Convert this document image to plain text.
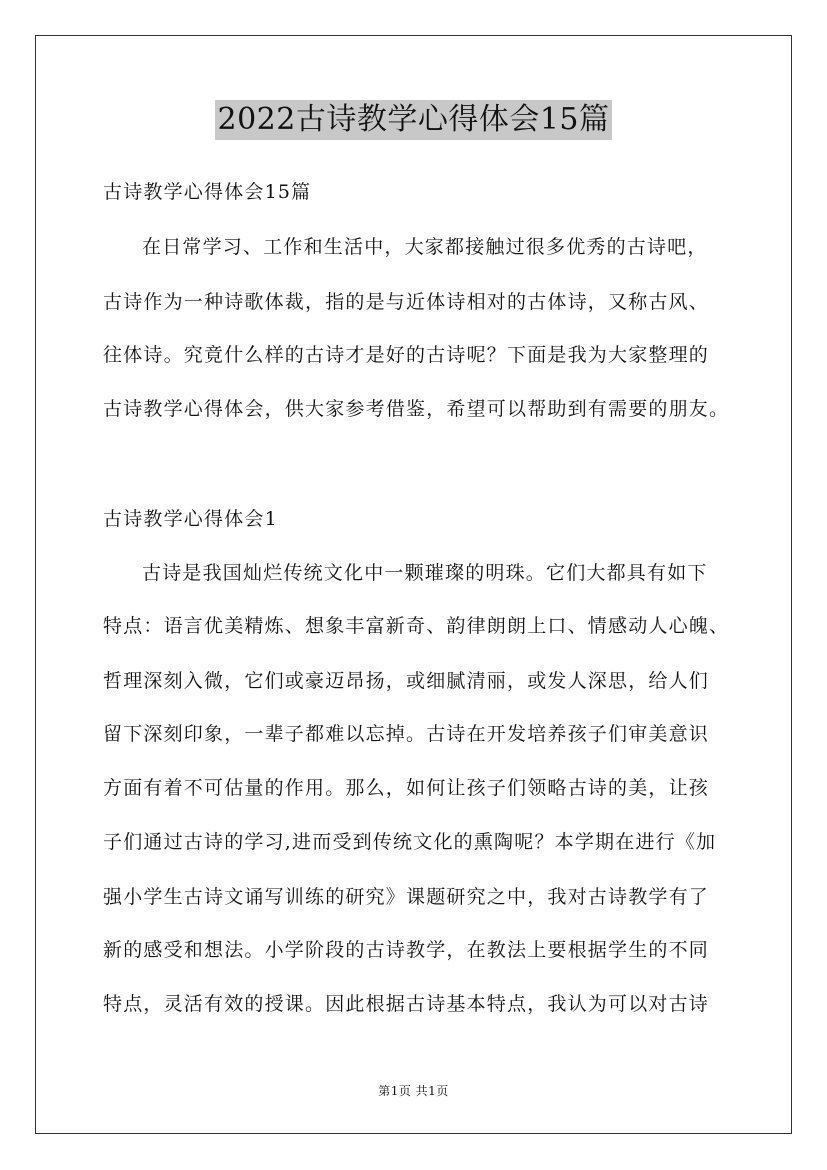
2022古诗教学心得体会15篇
古诗教学心得体会15篇
在日常学习、工作和生活中，大家都接触过很多优秀的古诗吧，
古诗作为一种诗歌体裁，指的是与近体诗相对的古体诗，又称古风、
往体诗。究竟什么样的古诗才是好的古诗呢？下面是我为大家整理的
古诗教学心得体会，供大家参考借鉴，希望可以帮助到有需要的朋友。
古诗教学心得体会1
古诗是我国灿烂传统文化中一颗璀璨的明珠。它们大都具有如下
特点：语言优美精炼、想象丰富新奇、韵律朗朗上口、情感动人心魄、
哲理深刻入微，它们或豪迈昂扬，或细腻清丽，或发人深思，给人们
留下深刻印象，一辈子都难以忘掉。古诗在开发培养孩子们审美意识
方面有着不可估量的作用。那么，如何让孩子们领略古诗的美，让孩
子们通过古诗的学习,进而受到传统文化的熏陶呢？本学期在进行《加
强小学生古诗文诵写训练的研究》课题研究之中，我对古诗教学有了
新的感受和想法。小学阶段的古诗教学，在教法上要根据学生的不同
特点，灵活有效的授课。因此根据古诗基本特点，我认为可以对古诗
第1页 共1页
